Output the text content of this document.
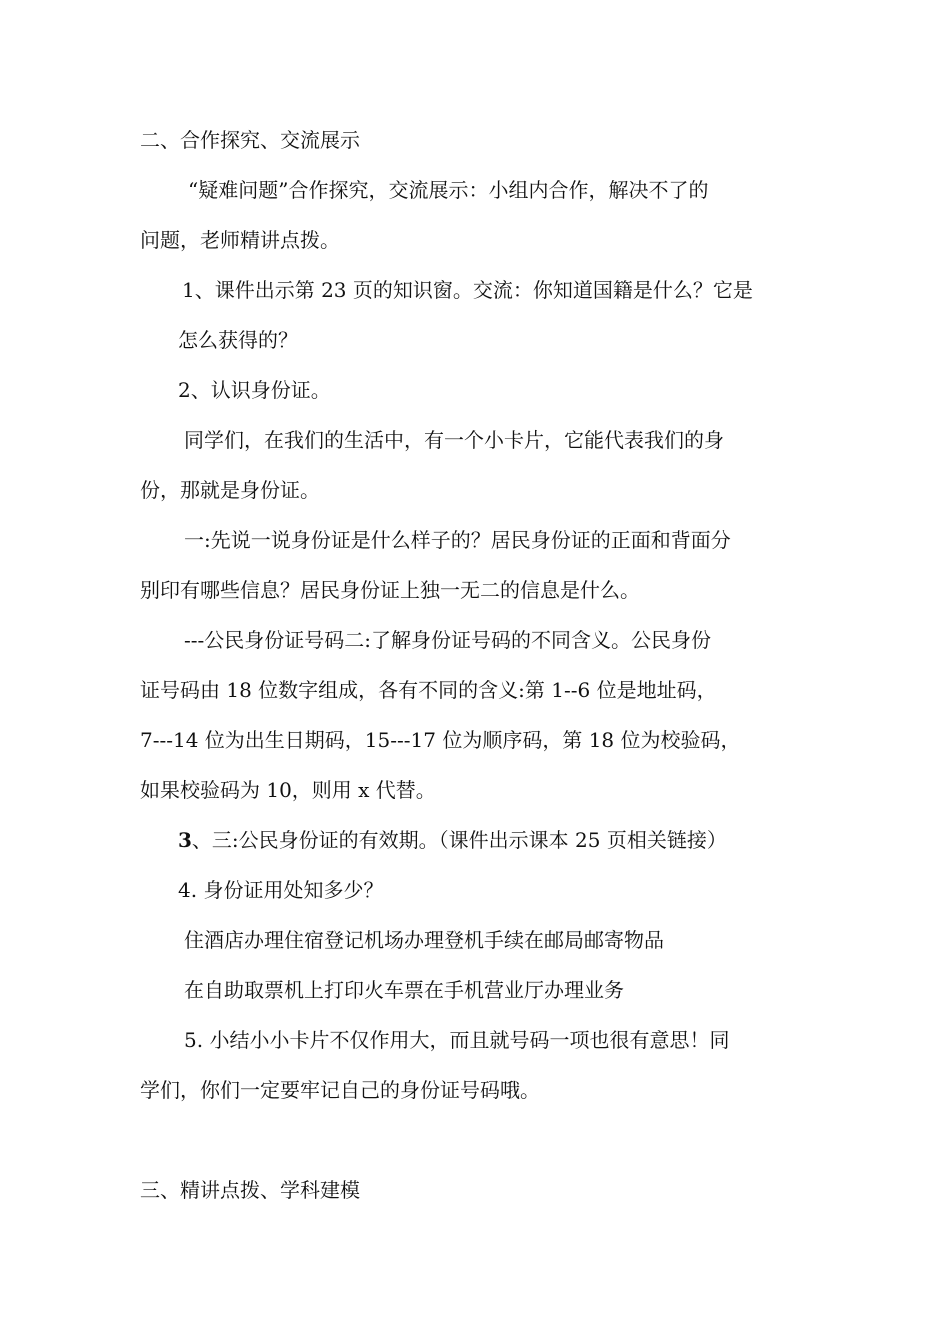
二、合作探究、交流展示
“疑难问题”合作探究，交流展示：小组内合作，解决不了的
问题，老师精讲点拨。
1、课件出示第 23 页的知识窗。交流：你知道国籍是什么？它是
怎么获得的？
2、认识身份证。
同学们，在我们的生活中，有一个小卡片，它能代表我们的身
份，那就是身份证。
一:先说一说身份证是什么样子的？居民身份证的正面和背面分
别印有哪些信息？居民身份证上独一无二的信息是什么。
---公民身份证号码二:了解身份证号码的不同含义。公民身份
证号码由 18 位数字组成，各有不同的含义:第 1--6 位是地址码，
7---14 位为出生日期码，15---17 位为顺序码，第 18 位为校验码，
如果校验码为 10，则用 x 代替。
3、三:公民身份证的有效期。（课件出示课本 25 页相关链接）
4. 身份证用处知多少？
住酒店办理住宿登记机场办理登机手续在邮局邮寄物品
在自助取票机上打印火车票在手机营业厅办理业务
5. 小结小小卡片不仅作用大，而且就号码一项也很有意思！同
学们，你们一定要牢记自己的身份证号码哦。
三、精讲点拨、学科建模
